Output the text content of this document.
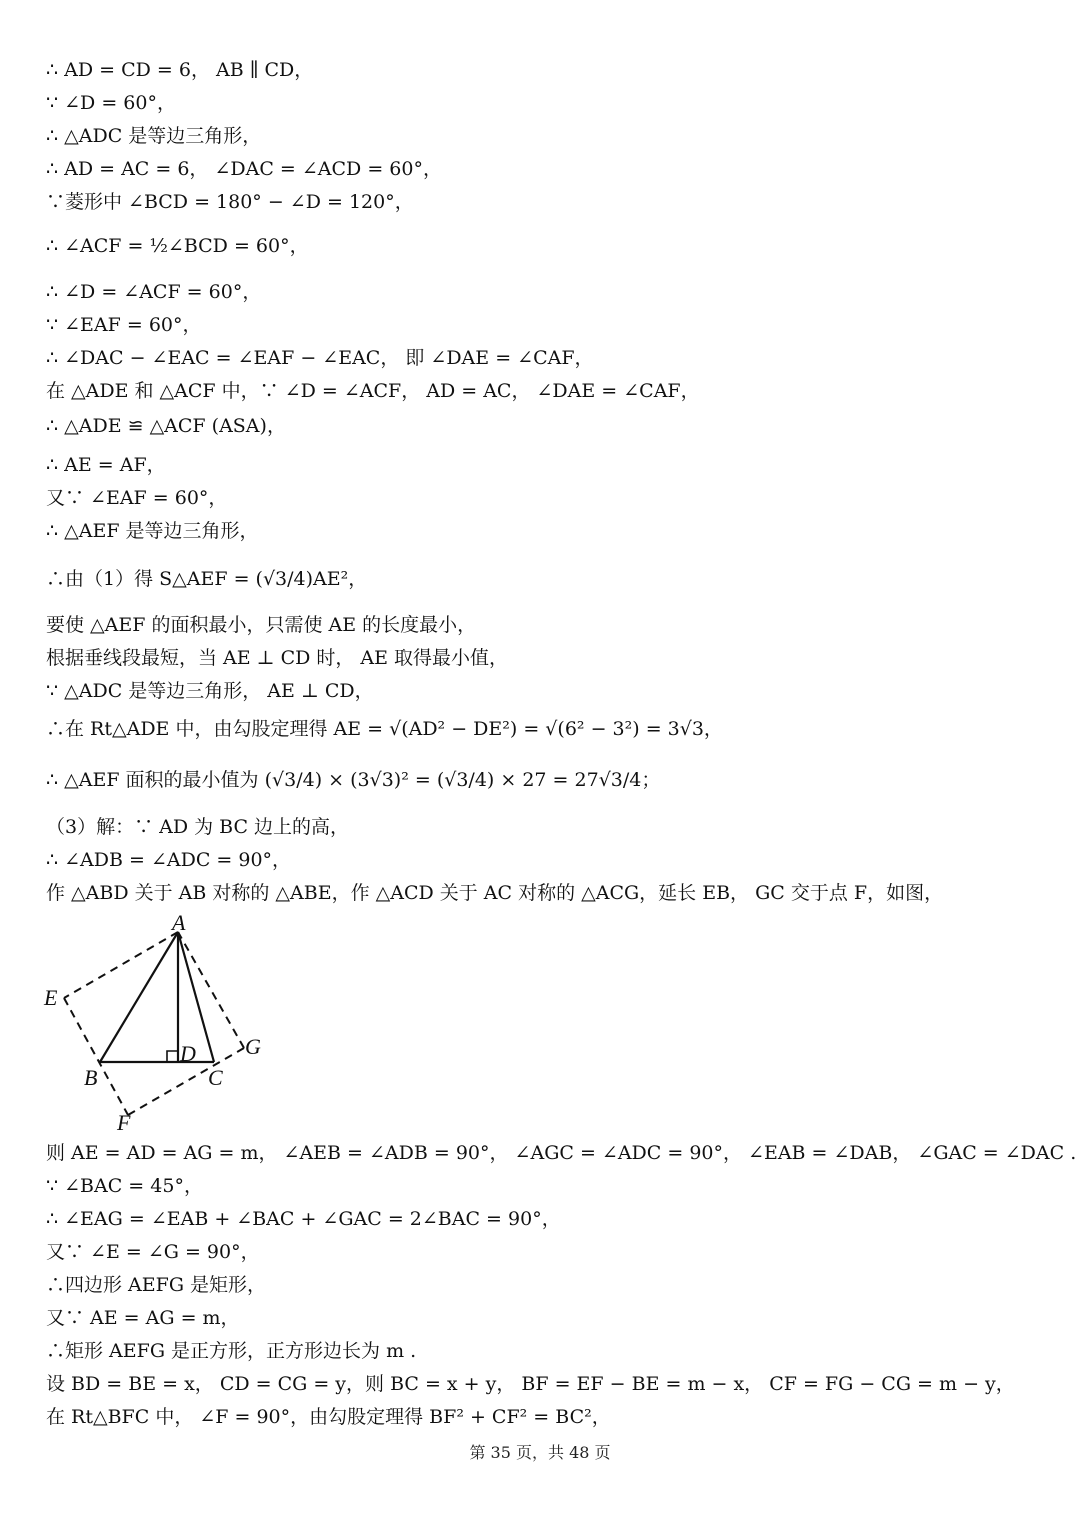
∴ AD = CD = 6， AB ∥ CD，
∵ ∠D = 60°，
∴ △ADC 是等边三角形，
∴ AD = AC = 6， ∠DAC = ∠ACD = 60°，
∵菱形中 ∠BCD = 180° − ∠D = 120°，
∴ ∠ACF = ½∠BCD = 60°，
∴ ∠D = ∠ACF = 60°，
∵ ∠EAF = 60°，
∴ ∠DAC − ∠EAC = ∠EAF − ∠EAC， 即 ∠DAE = ∠CAF，
在 △ADE 和 △ACF 中，∵ ∠D = ∠ACF， AD = AC， ∠DAE = ∠CAF，
∴ △ADE ≌ △ACF (ASA)，
∴ AE = AF，
又∵ ∠EAF = 60°，
∴ △AEF 是等边三角形，
∴由（1）得 S△AEF = (√3/4)AE²，
要使 △AEF 的面积最小，只需使 AE 的长度最小，
根据垂线段最短，当 AE ⊥ CD 时， AE 取得最小值，
∵ △ADC 是等边三角形， AE ⊥ CD，
∴在 Rt△ADE 中，由勾股定理得 AE = √(AD² − DE²) = √(6² − 3²) = 3√3，
∴ △AEF 面积的最小值为 (√3/4) × (3√3)² = (√3/4) × 27 = 27√3/4；
（3）解：∵ AD 为 BC 边上的高，
∴ ∠ADB = ∠ADC = 90°，
作 △ABD 关于 AB 对称的 △ABE，作 △ACD 关于 AC 对称的 △ACG，延长 EB， GC 交于点 F，如图，
A
B	C
D
E
F
G
则 AE = AD = AG = m， ∠AEB = ∠ADB = 90°， ∠AGC = ∠ADC = 90°， ∠EAB = ∠DAB， ∠GAC = ∠DAC .
∵ ∠BAC = 45°，
∴ ∠EAG = ∠EAB + ∠BAC + ∠GAC = 2∠BAC = 90°，
又∵ ∠E = ∠G = 90°，
∴四边形 AEFG 是矩形，
又∵ AE = AG = m，
∴矩形 AEFG 是正方形，正方形边长为 m .
设 BD = BE = x， CD = CG = y，则 BC = x + y， BF = EF − BE = m − x， CF = FG − CG = m − y，
在 Rt△BFC 中， ∠F = 90°，由勾股定理得 BF² + CF² = BC²，
第 35 页，共 48 页
